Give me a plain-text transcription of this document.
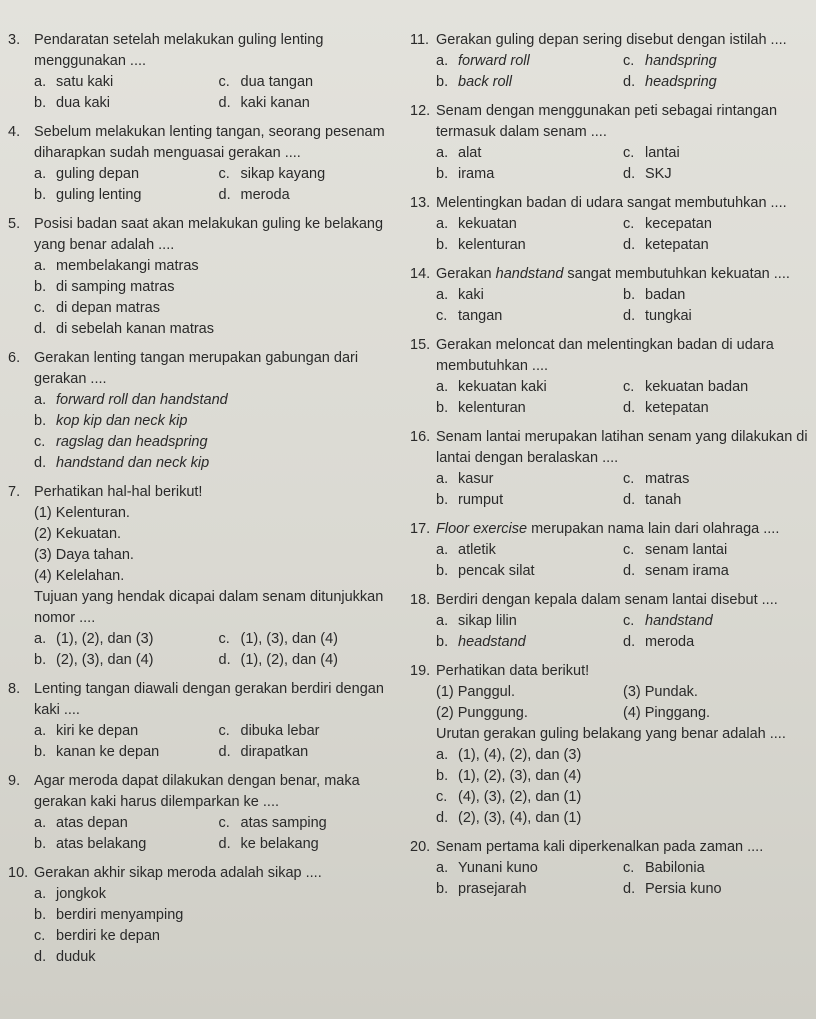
3. Pendaratan setelah melakukan guling lenting menggunakan ....
a. satu kaki	c. dua tangan
b. dua kaki	d. kaki kanan
4. Sebelum melakukan lenting tangan, seorang pesenam diharapkan sudah menguasai gerakan ....
a. guling depan	c. sikap kayang
b. guling lenting	d. meroda
5. Posisi badan saat akan melakukan guling ke belakang yang benar adalah ....
a. membelakangi matras
b. di samping matras
c. di depan matras
d. di sebelah kanan matras
6. Gerakan lenting tangan merupakan gabungan dari gerakan ....
a. forward roll dan handstand
b. kop kip dan neck kip
c. ragslag dan headspring
d. handstand dan neck kip
7. Perhatikan hal-hal berikut!
(1) Kelenturan.
(2) Kekuatan.
(3) Daya tahan.
(4) Kelelahan.
Tujuan yang hendak dicapai dalam senam ditunjukkan nomor ....
a. (1), (2), dan (3)	c. (1), (3), dan (4)
b. (2), (3), dan (4)	d. (1), (2), dan (4)
8. Lenting tangan diawali dengan gerakan berdiri dengan kaki ....
a. kiri ke depan	c. dibuka lebar
b. kanan ke depan	d. dirapatkan
9. Agar meroda dapat dilakukan dengan benar, maka gerakan kaki harus dilemparkan ke ....
a. atas depan	c. atas samping
b. atas belakang	d. ke belakang
10. Gerakan akhir sikap meroda adalah sikap ....
a. jongkok
b. berdiri menyamping
c. berdiri ke depan
d. duduk
11. Gerakan guling depan sering disebut dengan istilah ....
a. forward roll	c. handspring
b. back roll	d. headspring
12. Senam dengan menggunakan peti sebagai rintangan termasuk dalam senam ....
a. alat	c. lantai
b. irama	d. SKJ
13. Melentingkan badan di udara sangat membutuhkan ....
a. kekuatan	c. kecepatan
b. kelenturan	d. ketepatan
14. Gerakan handstand sangat membutuhkan kekuatan ....
a. kaki	b. badan
c. tangan	d. tungkai
15. Gerakan meloncat dan melentingkan badan di udara membutuhkan ....
a. kekuatan kaki	c. kekuatan badan
b. kelenturan	d. ketepatan
16. Senam lantai merupakan latihan senam yang dilakukan di lantai dengan beralaskan ....
a. kasur	c. matras
b. rumput	d. tanah
17. Floor exercise merupakan nama lain dari olahraga ....
a. atletik	c. senam lantai
b. pencak silat	d. senam irama
18. Berdiri dengan kepala dalam senam lantai disebut ....
a. sikap lilin	c. handstand
b. headstand	d. meroda
19. Perhatikan data berikut!
(1) Panggul.	(3) Pundak.
(2) Punggung.	(4) Pinggang.
Urutan gerakan guling belakang yang benar adalah ....
a. (1), (4), (2), dan (3)
b. (1), (2), (3), dan (4)
c. (4), (3), (2), dan (1)
d. (2), (3), (4), dan (1)
20. Senam pertama kali diperkenalkan pada zaman ....
a. Yunani kuno	c. Babilonia
b. prasejarah	d. Persia kuno
